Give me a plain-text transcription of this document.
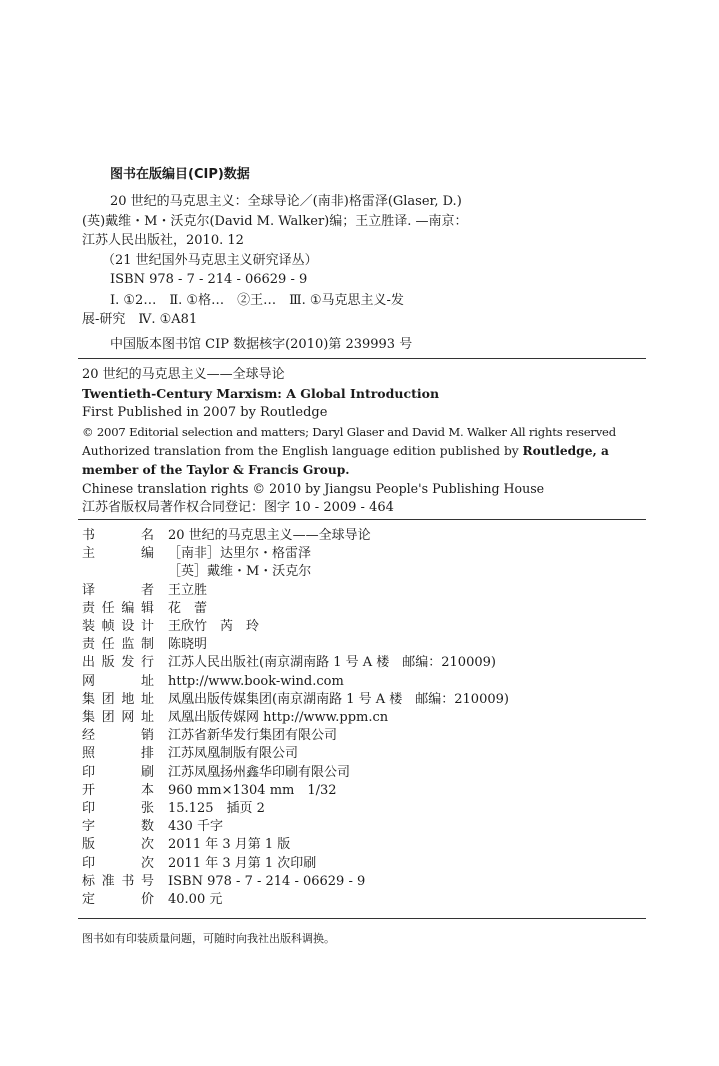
图书在版编目(CIP)数据
20 世纪的马克思主义：全球导论／(南非)格雷泽(Glaser, D.)
(英)戴维・M・沃克尔(David M. Walker)编；王立胜译. —南京：
江苏人民出版社，2010. 12
（21 世纪国外马克思主义研究译丛）
ISBN 978 - 7 - 214 - 06629 - 9
Ⅰ. ①2…　Ⅱ. ①格…　②王…　Ⅲ. ①马克思主义-发
展-研究　Ⅳ. ①A81
中国版本图书馆 CIP 数据核字(2010)第 239993 号
20 世纪的马克思主义——全球导论
Twentieth-Century Marxism: A Global Introduction
First Published in 2007 by Routledge
© 2007 Editorial selection and matters; Daryl Glaser and David M. Walker All rights reserved
Authorized translation from the English language edition published by Routledge, a
member of the Taylor & Francis Group.
Chinese translation rights © 2010 by Jiangsu People's Publishing House
江苏省版权局著作权合同登记：图字 10 - 2009 - 464
书名 20 世纪的马克思主义——全球导论
主编 ［南非］达里尔・格雷泽
［英］戴维・M・沃克尔
译者 王立胜
责任编辑 花　蕾
装帧设计 王欣竹　芮　玲
责任监制 陈晓明
出版发行 江苏人民出版社(南京湖南路 1 号 A 楼　邮编：210009)
网址 http://www.book-wind.com
集团地址 凤凰出版传媒集团(南京湖南路 1 号 A 楼　邮编：210009)
集团网址 凤凰出版传媒网 http://www.ppm.cn
经销 江苏省新华发行集团有限公司
照排 江苏凤凰制版有限公司
印刷 江苏凤凰扬州鑫华印刷有限公司
开本 960 mm×1304 mm　1/32
印张 15.125　插页 2
字数 430 千字
版次 2011 年 3 月第 1 版
印次 2011 年 3 月第 1 次印刷
标准书号 ISBN 978 - 7 - 214 - 06629 - 9
定价 40.00 元
图书如有印装质量问题，可随时向我社出版科调换。
